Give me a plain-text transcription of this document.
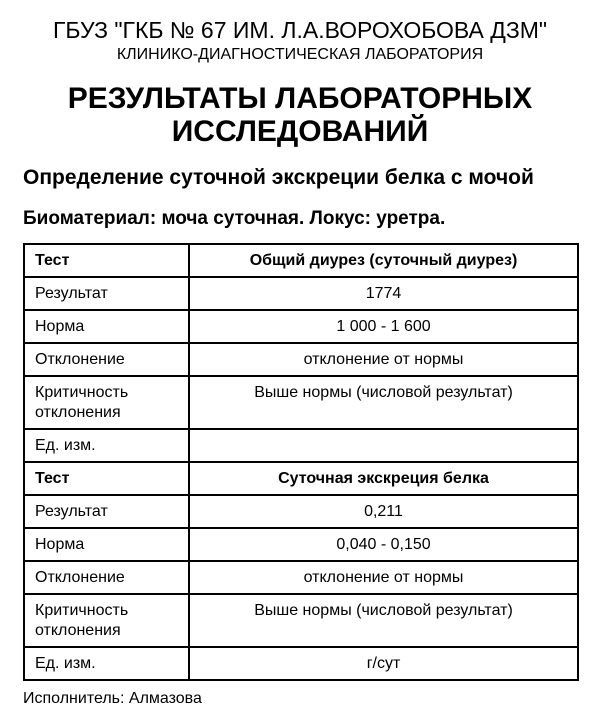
ГБУЗ "ГКБ № 67 ИМ. Л.А.ВОРОХОБОВА ДЗМ"
КЛИНИКО-ДИАГНОСТИЧЕСКАЯ ЛАБОРАТОРИЯ
РЕЗУЛЬТАТЫ ЛАБОРАТОРНЫХ ИССЛЕДОВАНИЙ
Определение суточной экскреции белка с мочой
Биоматериал: моча суточная. Локус: уретра.
Тест	Общий диурез (суточный диурез)
Результат	1774
Норма	1 000 - 1 600
Отклонение	отклонение от нормы
Критичность отклонения	Выше нормы (числовой результат)
Ед. изм.	
Тест	Суточная экскреция белка
Результат	0,211
Норма	0,040 - 0,150
Отклонение	отклонение от нормы
Критичность отклонения	Выше нормы (числовой результат)
Ед. изм.	г/сут
Исполнитель: Алмазова
